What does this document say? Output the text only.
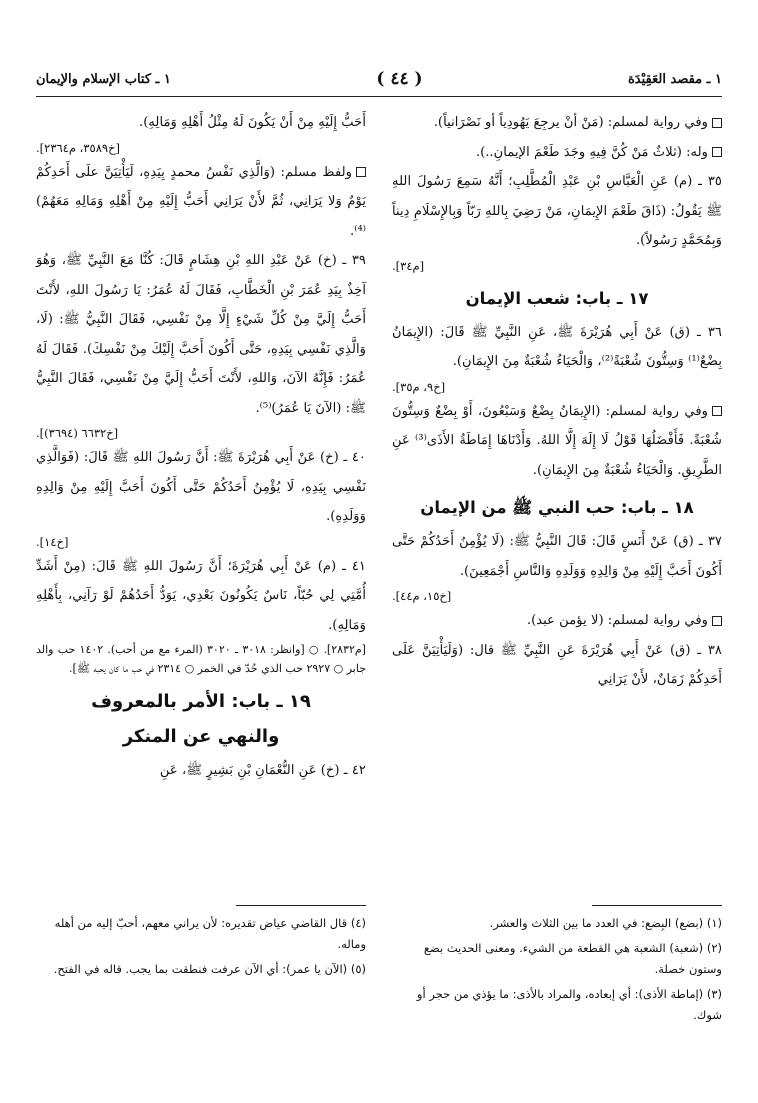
١ ـ مقصد العَقِيْدَة
( ٤٤ )
١ ـ كتاب الإسلام والإيمان

وفي رواية لمسلم: (مَنْ أنْ يرجِعَ يَهُودِياً أو نَصْرَانياً).

وله: (ثلاثٌ مَنْ كُنَّ فِيهِ وجَدَ طَعْمَ الإيمانِ..).

٣٥ ـ (م) عَنِ الْعَبَّاسِ بْنِ عَبْدِ الْمُطَّلِبِ؛ أَنَّهُ سَمِعَ رَسُولَ اللهِ ﷺ يَقُولُ: (ذَاقَ طَعْمَ الإِيمَانِ، مَنْ رَضِيَ بِاللهِ رَبّاً وَبِالإِسْلَامِ دِيناً وَبِمُحَمَّدٍ رَسُولاً).

[م٣٤].
١٧ ـ باب: شعب الإيمان

٣٦ ـ (ق) عَنْ أَبِي هُرَيْرَةَ ﷺ، عَنِ النَّبِيِّ ﷺ قَالَ: (الإِيمَانُ بِضْعٌ⁽¹⁾ وَسِتُّونَ شُعْبَةً⁽²⁾، وَالْحَيَاءُ شُعْبَةٌ مِنَ الإِيمَانِ).

[خ٩، م٣٥].

وفي رواية لمسلم: (الإِيمَانُ بِضْعٌ وَسَبْعُونَ، أَوْ بِضْعٌ وَسِتُّونَ شُعْبَةً. فَأَفْضَلُهَا قَوْلُ لَا إِلَهَ إِلَّا اللهُ. وَأَدْنَاهَا إِمَاطَةُ الأَذَى⁽³⁾ عَنِ الطَّرِيقِ. وَالْحَيَاءُ شُعْبَةٌ مِنَ الإِيمَانِ).

١٨ ـ باب: حب النبي ﷺ من الإيمان

٣٧ ـ (ق) عَنْ أَنَسٍ قَالَ: قَالَ النَّبِيُّ ﷺ: (لَا يُؤْمِنُ أَحَدُكُمْ حَتَّى أَكُونَ أَحَبَّ إِلَيْهِ مِنْ وَالِدِهِ وَوَلَدِهِ وَالنَّاسِ أَجْمَعِينَ).

[خ١٥، م٤٤].

وفي رواية لمسلم: (لا يؤمن عبد).

٣٨ ـ (ق) عَنْ أَبِي هُرَيْرَةَ عَنِ النَّبِيِّ ﷺ قال: (وَلَيَأْتِيَنَّ عَلَى أَحَدِكُمْ زَمَانٌ، لأَنْ يَرَانِي

أَحَبُّ إِلَيْهِ مِنْ أَنْ يَكُونَ لَهُ مِثْلُ أَهْلِهِ وَمَالِهِ).

[خ٣٥٨٩، م٢٣٦٤].

ولفظ مسلم: (وَالَّذِي نَفْسُ محمدٍ بِيَدِهِ، لَيَأْتِيَنَّ علَى أَحَدِكُمْ يَوْمٌ وَلا يَرَانِي، ثُمَّ لأَنْ يَرَانِي أَحَبُّ إِلَيْهِ مِنْ أَهْلِهِ وَمَالِهِ مَعَهُمْ)⁽⁴⁾.

٣٩ ـ (خ) عَنْ عَبْدِ اللهِ بْنِ هِشَامٍ قَالَ: كُنَّا مَعَ النَّبِيِّ ﷺ، وَهُوَ آخِذٌ بِيَدِ عُمَرَ بْنِ الْخَطَّابِ، فَقَالَ لَهُ عُمَرُ: يَا رَسُولَ اللهِ، لأَنْتَ أَحَبُّ إِلَيَّ مِنْ كُلِّ شَيْءٍ إِلَّا مِنْ نَفْسِي، فَقَالَ النَّبِيُّ ﷺ: (لَا، وَالَّذِي نَفْسِي بِيَدِهِ، حَتَّى أَكُونَ أَحَبَّ إِلَيْكَ مِنْ نَفْسِكَ). فَقَالَ لَهُ عُمَرُ: فَإِنَّهُ الآنَ، وَاللهِ، لأَنْتَ أَحَبُّ إِلَيَّ مِنْ نَفْسِي، فَقَالَ النَّبِيُّ ﷺ: (الآنَ يَا عُمَرُ)⁽⁵⁾.

[خ٦٦٣٢ (٣٦٩٤)].

٤٠ ـ (خ) عَنْ أَبِي هُرَيْرَةَ ﷺ: أَنَّ رَسُولَ اللهِ ﷺ قَالَ: (فَوَالَّذِي نَفْسِي بِيَدِهِ، لَا يُؤْمِنُ أَحَدُكُمْ حَتَّى أَكُونَ أَحَبَّ إِلَيْهِ مِنْ وَالِدِهِ وَوَلَدِهِ).

[خ١٤].

٤١ ـ (م) عَنْ أَبِي هُرَيْرَةَ؛ أَنَّ رَسُولَ اللهِ ﷺ قَالَ: (مِنْ أَشَدِّ أُمَّتِي لِي حُبّاً، نَاسٌ يَكُونُونَ بَعْدِي، يَوَدُّ أَحَدُهُمْ لَوْ رَآنِي، بِأَهْلِهِ وَمَالِهِ).

[م٢٨٣٢]. ○ [وانظر: ٣٠١٨ ـ ٣٠٢٠ (المرء مع من أحب). ١٤٠٢ حب والد جابر ○ ٢٩٢٧ حب الذي حُدّ في الخمر ○ ٢٣١٤ في حب ما كان يحبه ﷺ].

١٩ ـ باب: الأمر بالمعروف
والنهي عن المنكر

٤٢ ـ (خ) عَنِ النُّعْمَانِ بْنِ بَشِيرٍ ﷺ، عَنِ

(١) (بضع) البِضع: في العدد ما بين الثلاث والعشر.

(٢) (شعبة) الشعبة هي القطعة من الشيء. ومعنى الحديث بضع وستون خصلة.

(٣) (إماطة الأذى): أي إبعاده، والمراد بالأذى: ما يؤذي من حجر أو شوك.

(٤) قال القاضي عياض تقديره: لأن يراني معهم، أحبّ إليه من أهله وماله.

(٥) (الآن يا عمر): أي الآن عرفت فنطقت بما يجب. قاله في الفتح.
